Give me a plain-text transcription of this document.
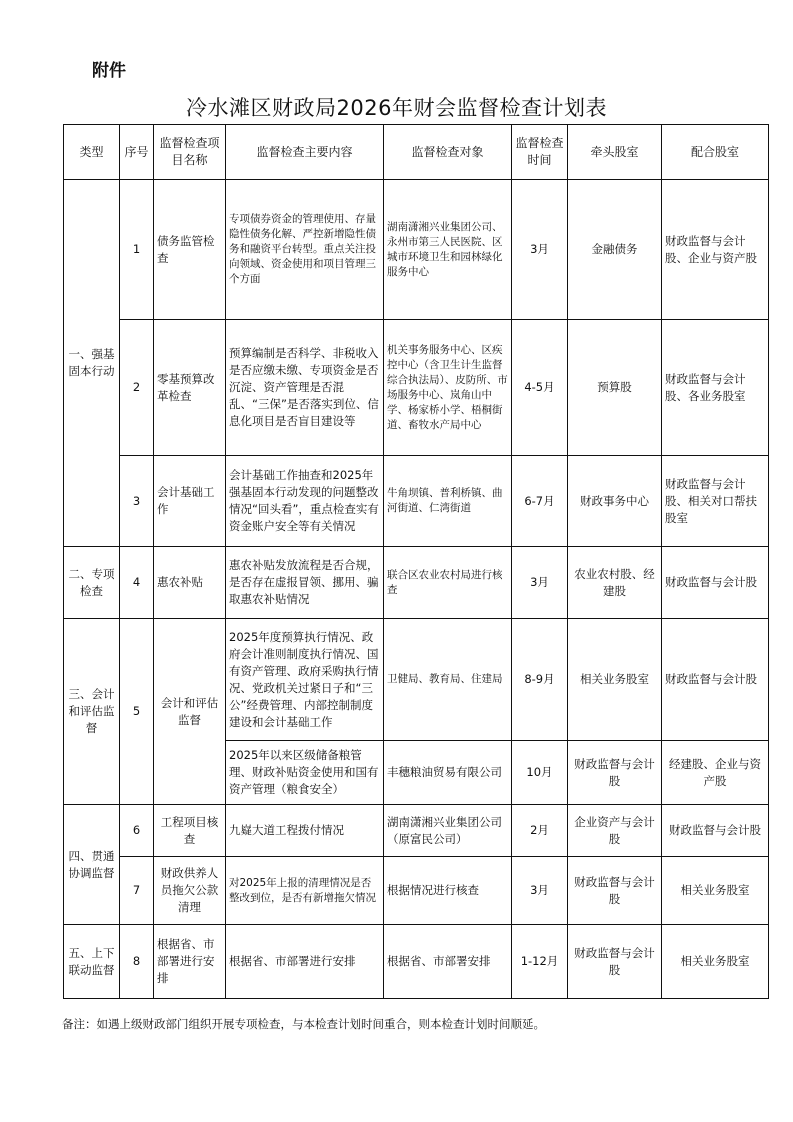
附件
冷水滩区财政局2026年财会监督检查计划表
类型	序号	监督检查项目名称	监督检查主要内容	监督检查对象	监督检查时间	牵头股室	配合股室
一、强基固本行动	1	债务监管检查	专项债券资金的管理使用、存量隐性债务化解、严控新增隐性债务和融资平台转型。重点关注投向领域、资金使用和项目管理三个方面	湖南潇湘兴业集团公司、永州市第三人民医院、区城市环境卫生和园林绿化服务中心	3月	金融债务	财政监督与会计股、企业与资产股
	2	零基预算改革检查	预算编制是否科学、非税收入是否应缴未缴、专项资金是否沉淀、资产管理是否混乱、“三保”是否落实到位、信息化项目是否盲目建设等	机关事务服务中心、区疾控中心（含卫生计生监督综合执法局）、皮防所、市场服务中心、岚角山中学、杨家桥小学、梧桐街道、畜牧水产局中心	4-5月	预算股	财政监督与会计股、各业务股室
	3	会计基础工作	会计基础工作抽查和2025年强基固本行动发现的问题整改情况“回头看”，重点检查实有资金账户安全等有关情况	牛角坝镇、普利桥镇、曲河街道、仁湾街道	6-7月	财政事务中心	财政监督与会计股、相关对口帮扶股室
二、专项检查	4	惠农补贴	惠农补贴发放流程是否合规，是否存在虚报冒领、挪用、骗取惠农补贴情况	联合区农业农村局进行核查	3月	农业农村股、经建股	财政监督与会计股
三、会计和评估监督	5	会计和评估监督	2025年度预算执行情况、政府会计准则制度执行情况、国有资产管理、政府采购执行情况、党政机关过紧日子和“三公”经费管理、内部控制制度建设和会计基础工作	卫健局、教育局、住建局	8-9月	相关业务股室	财政监督与会计股
			2025年以来区级储备粮管理、财政补贴资金使用和国有资产管理（粮食安全）	丰穗粮油贸易有限公司	10月	财政监督与会计股	经建股、企业与资产股
四、贯通协调监督	6	工程项目核查	九嶷大道工程拨付情况	湖南潇湘兴业集团公司（原富民公司）	2月	企业资产与会计股	财政监督与会计股
	7	财政供养人员拖欠公款清理	对2025年上报的清理情况是否整改到位，是否有新增拖欠情况	根据情况进行核查	3月	财政监督与会计股	相关业务股室
五、上下联动监督	8	根据省、市部署进行安排	根据省、市部署进行安排	根据省、市部署安排	1-12月	财政监督与会计股	相关业务股室
备注：如遇上级财政部门组织开展专项检查，与本检查计划时间重合，则本检查计划时间顺延。
